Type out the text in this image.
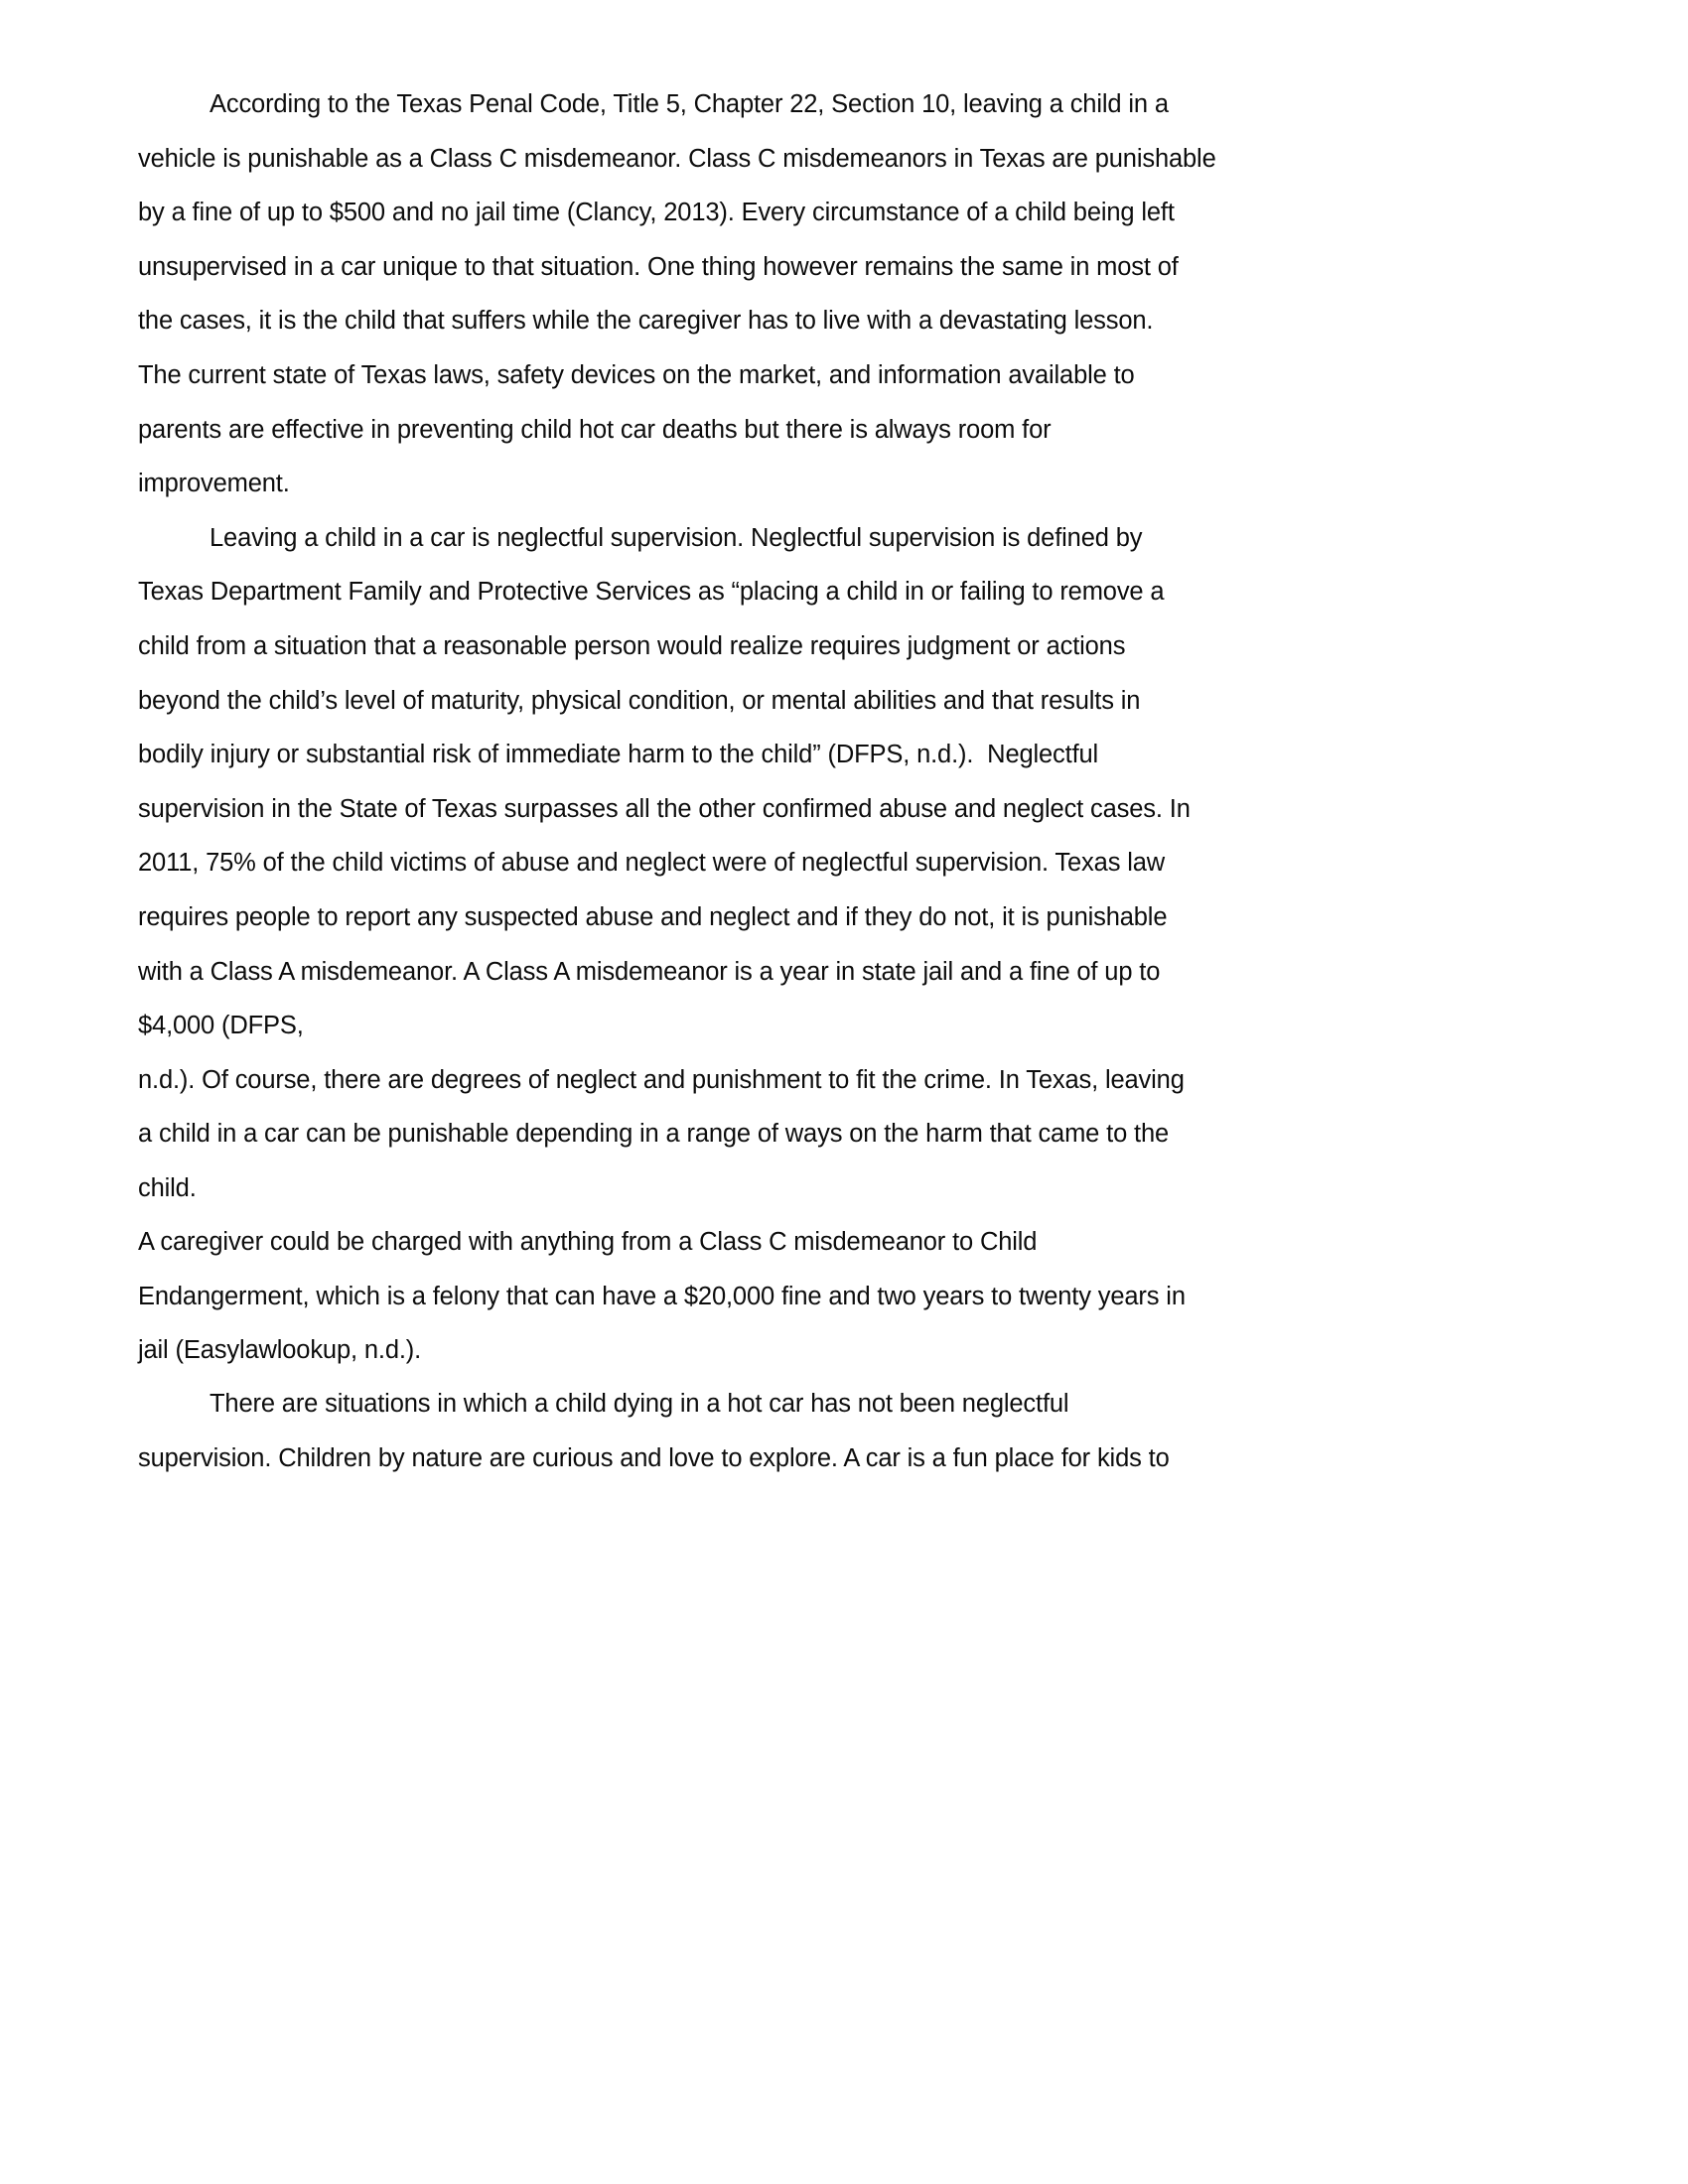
According to the Texas Penal Code, Title 5, Chapter 22, Section 10, leaving a child in a
vehicle is punishable as a Class C misdemeanor. Class C misdemeanors in Texas are punishable
by a fine of up to $500 and no jail time (Clancy, 2013). Every circumstance of a child being left
unsupervised in a car unique to that situation. One thing however remains the same in most of
the cases, it is the child that suffers while the caregiver has to live with a devastating lesson.
The current state of Texas laws, safety devices on the market, and information available to
parents are effective in preventing child hot car deaths but there is always room for
improvement.
Leaving a child in a car is neglectful supervision. Neglectful supervision is defined by
Texas Department Family and Protective Services as “placing a child in or failing to remove a
child from a situation that a reasonable person would realize requires judgment or actions
beyond the child’s level of maturity, physical condition, or mental abilities and that results in
bodily injury or substantial risk of immediate harm to the child” (DFPS, n.d.).  Neglectful
supervision in the State of Texas surpasses all the other confirmed abuse and neglect cases. In
2011, 75% of the child victims of abuse and neglect were of neglectful supervision. Texas law
requires people to report any suspected abuse and neglect and if they do not, it is punishable
with a Class A misdemeanor. A Class A misdemeanor is a year in state jail and a fine of up to
$4,000 (DFPS,
n.d.). Of course, there are degrees of neglect and punishment to fit the crime. In Texas, leaving
a child in a car can be punishable depending in a range of ways on the harm that came to the
child.
A caregiver could be charged with anything from a Class C misdemeanor to Child
Endangerment, which is a felony that can have a $20,000 fine and two years to twenty years in
jail (Easylawlookup, n.d.).
There are situations in which a child dying in a hot car has not been neglectful
supervision. Children by nature are curious and love to explore. A car is a fun place for kids to
